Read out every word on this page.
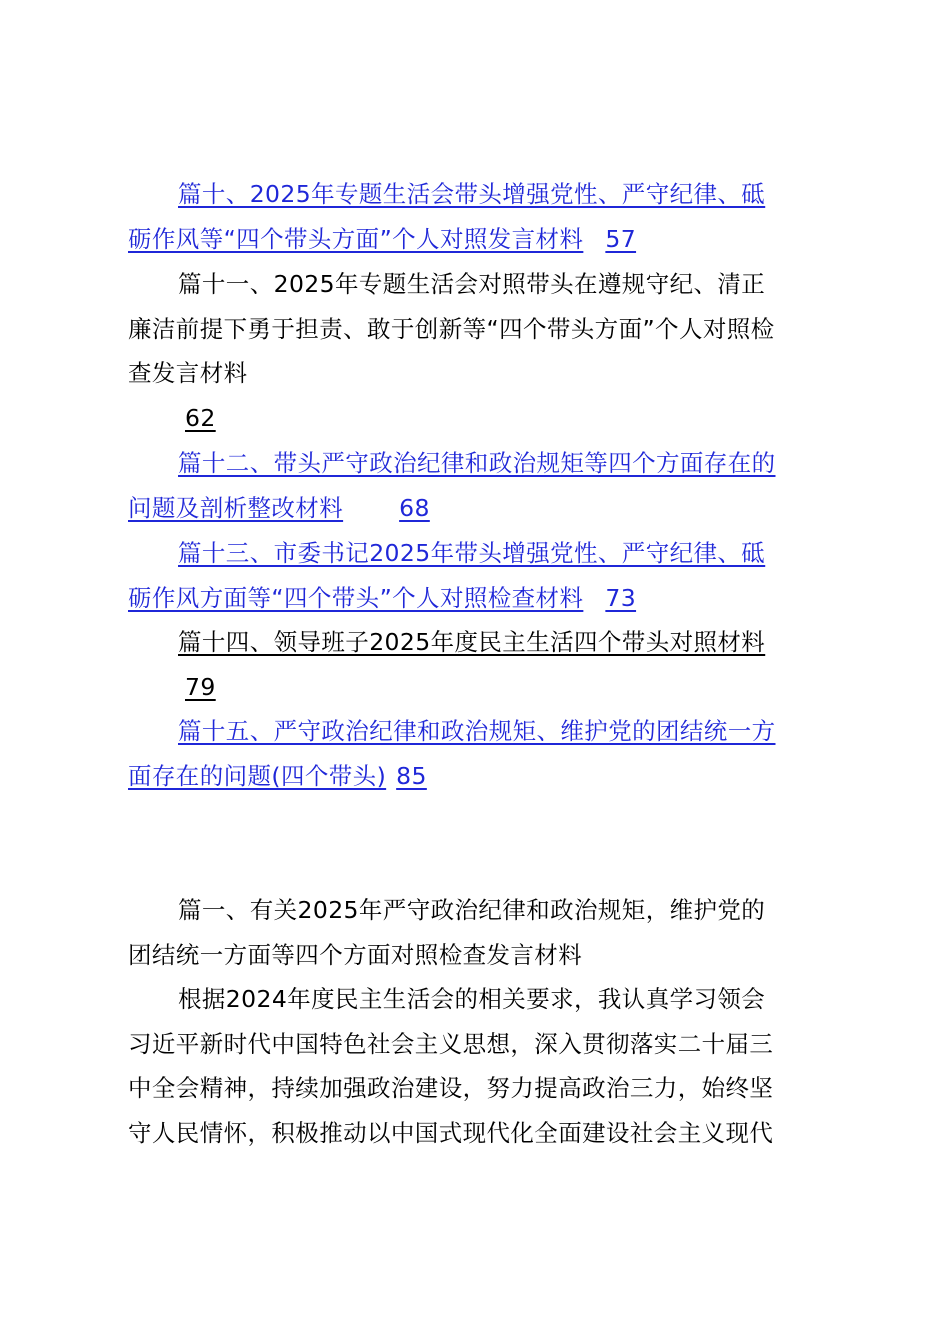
篇十、2025年专题生活会带头增强党性、严守纪律、砥
砺作风等“四个带头方面”个人对照发言材料 57

篇十一、2025年专题生活会对照带头在遵规守纪、清正
廉洁前提下勇于担责、敢于创新等“四个带头方面”个人对照检
查发言材料
62

篇十二、带头严守政治纪律和政治规矩等四个方面存在的
问题及剖析整改材料 68

篇十三、市委书记2025年带头增强党性、严守纪律、砥
砺作风方面等“四个带头”个人对照检查材料 73

篇十四、领导班子2025年度民主生活四个带头对照材料
79

篇十五、严守政治纪律和政治规矩、维护党的团结统一方
面存在的问题(四个带头) 85

篇一、有关2025年严守政治纪律和政治规矩，维护党的
团结统一方面等四个方面对照检查发言材料

根据2024年度民主生活会的相关要求，我认真学习领会
习近平新时代中国特色社会主义思想，深入贯彻落实二十届三
中全会精神，持续加强政治建设，努力提高政治三力，始终坚
守人民情怀，积极推动以中国式现代化全面建设社会主义现代
